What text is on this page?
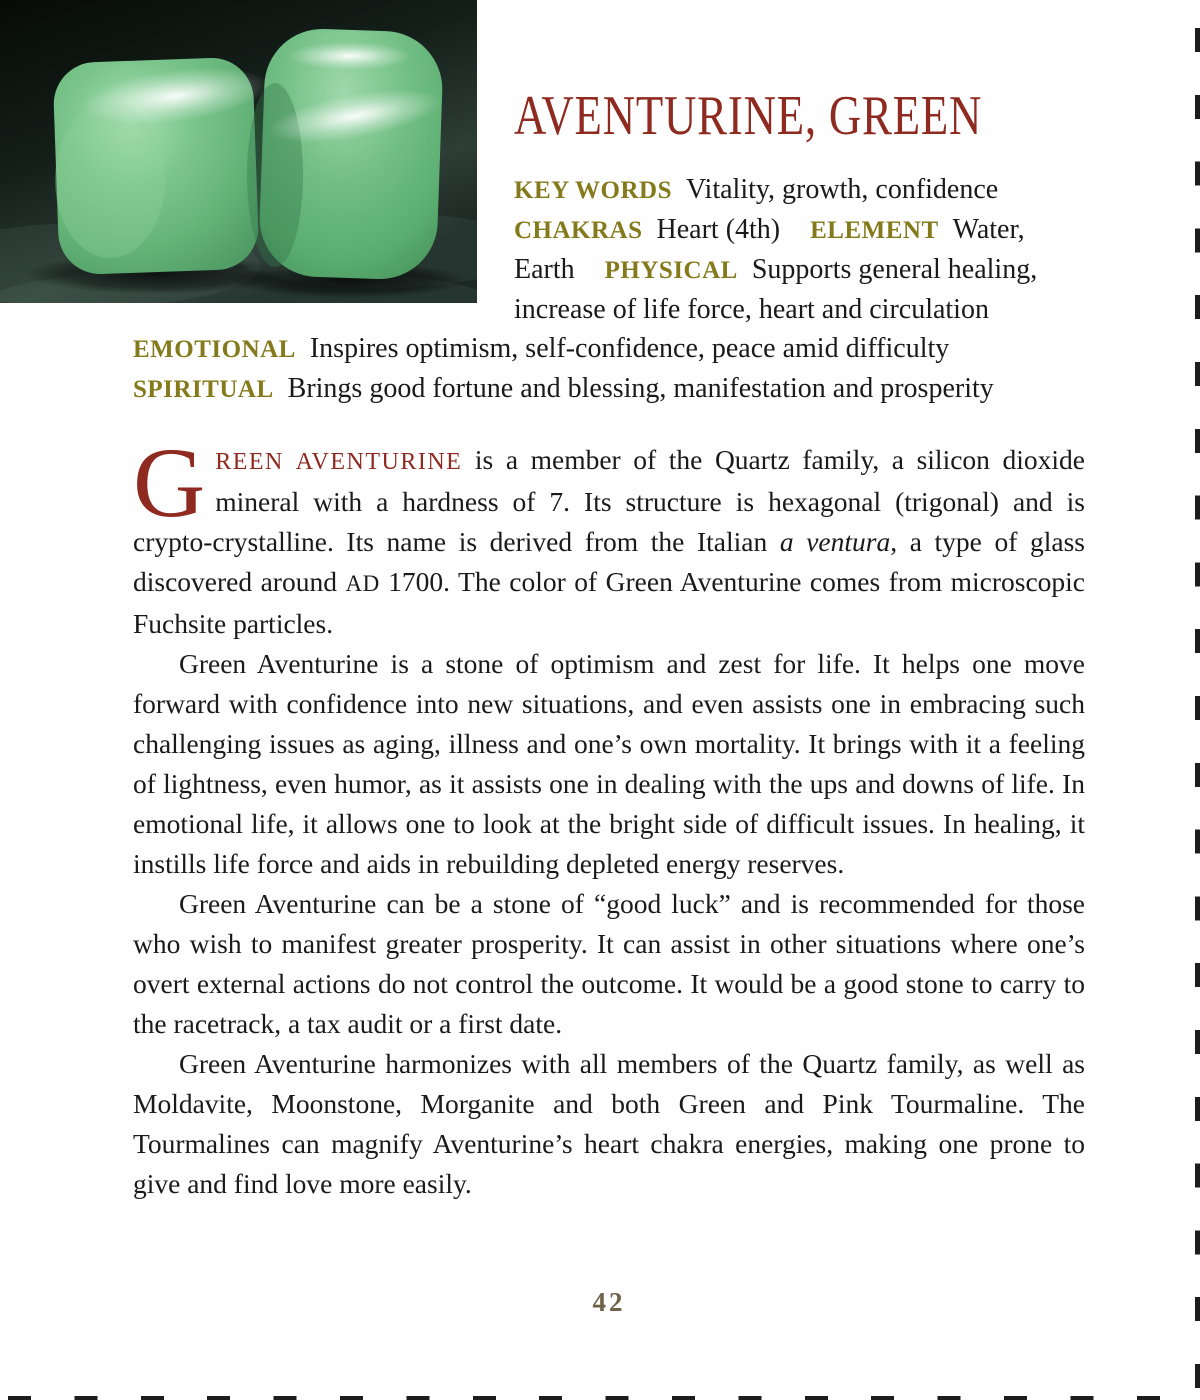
AVENTURINE, GREEN
KEY WORDS Vitality, growth, confidence
CHAKRAS Heart (4th) ELEMENT Water,
Earth PHYSICAL Supports general healing,
increase of life force, heart and circulation
EMOTIONAL Inspires optimism, self-confidence, peace amid difficulty
SPIRITUAL Brings good fortune and blessing, manifestation and prosperity

GREEN AVENTURINE is a member of the Quartz family, a silicon dioxide mineral with a hardness of 7. Its structure is hexagonal (trigonal) and is crypto-crystalline. Its name is derived from the Italian a ventura, a type of glass discovered around AD 1700. The color of Green Aventurine comes from microscopic Fuchsite particles.

Green Aventurine is a stone of optimism and zest for life. It helps one move forward with confidence into new situations, and even assists one in embracing such challenging issues as aging, illness and one’s own mortality. It brings with it a feeling of lightness, even humor, as it assists one in dealing with the ups and downs of life. In emotional life, it allows one to look at the bright side of difficult issues. In healing, it instills life force and aids in rebuilding depleted energy reserves.

Green Aventurine can be a stone of “good luck” and is recommended for those who wish to manifest greater prosperity. It can assist in other situations where one’s overt external actions do not control the outcome. It would be a good stone to carry to the racetrack, a tax audit or a first date.

Green Aventurine harmonizes with all members of the Quartz family, as well as Moldavite, Moonstone, Morganite and both Green and Pink Tourmaline. The Tourmalines can magnify Aventurine’s heart chakra energies, making one prone to give and find love more easily.

42
